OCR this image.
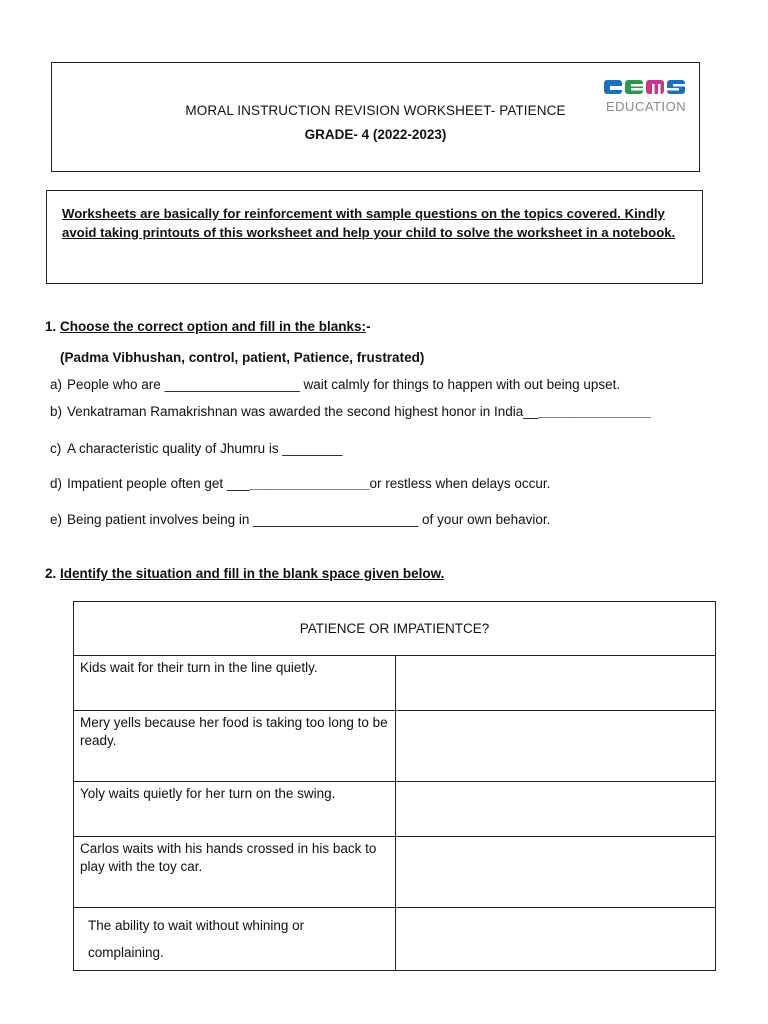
EDUCATION
MORAL INSTRUCTION REVISION WORKSHEET- PATIENCE
GRADE- 4 (2022-2023)

Worksheets are basically for reinforcement with sample questions on the topics covered. Kindly avoid taking printouts of this worksheet and help your child to solve the worksheet in a notebook.

1. Choose the correct option and fill in the blanks:-
(Padma Vibhushan, control, patient, Patience, frustrated)
a) People who are __________________ wait calmly for things to happen with out being upset.
b) Venkatraman Ramakrishnan was awarded the second highest honor in India_________________
c) A characteristic quality of Jhumru is ________
d) Impatient people often get ___________________or restless when delays occur.
e) Being patient involves being in ______________________ of your own behavior.
2. Identify the situation and fill in the blank space given below.
PATIENCE OR IMPATIENTCE?	
Kids wait for their turn in the line quietly.	
Mery yells because her food is taking too long to be ready.	
Yoly waits quietly for her turn on the swing.	
Carlos waits with his hands crossed in his back to play with the toy car.	
The ability to wait without whining or complaining.	
